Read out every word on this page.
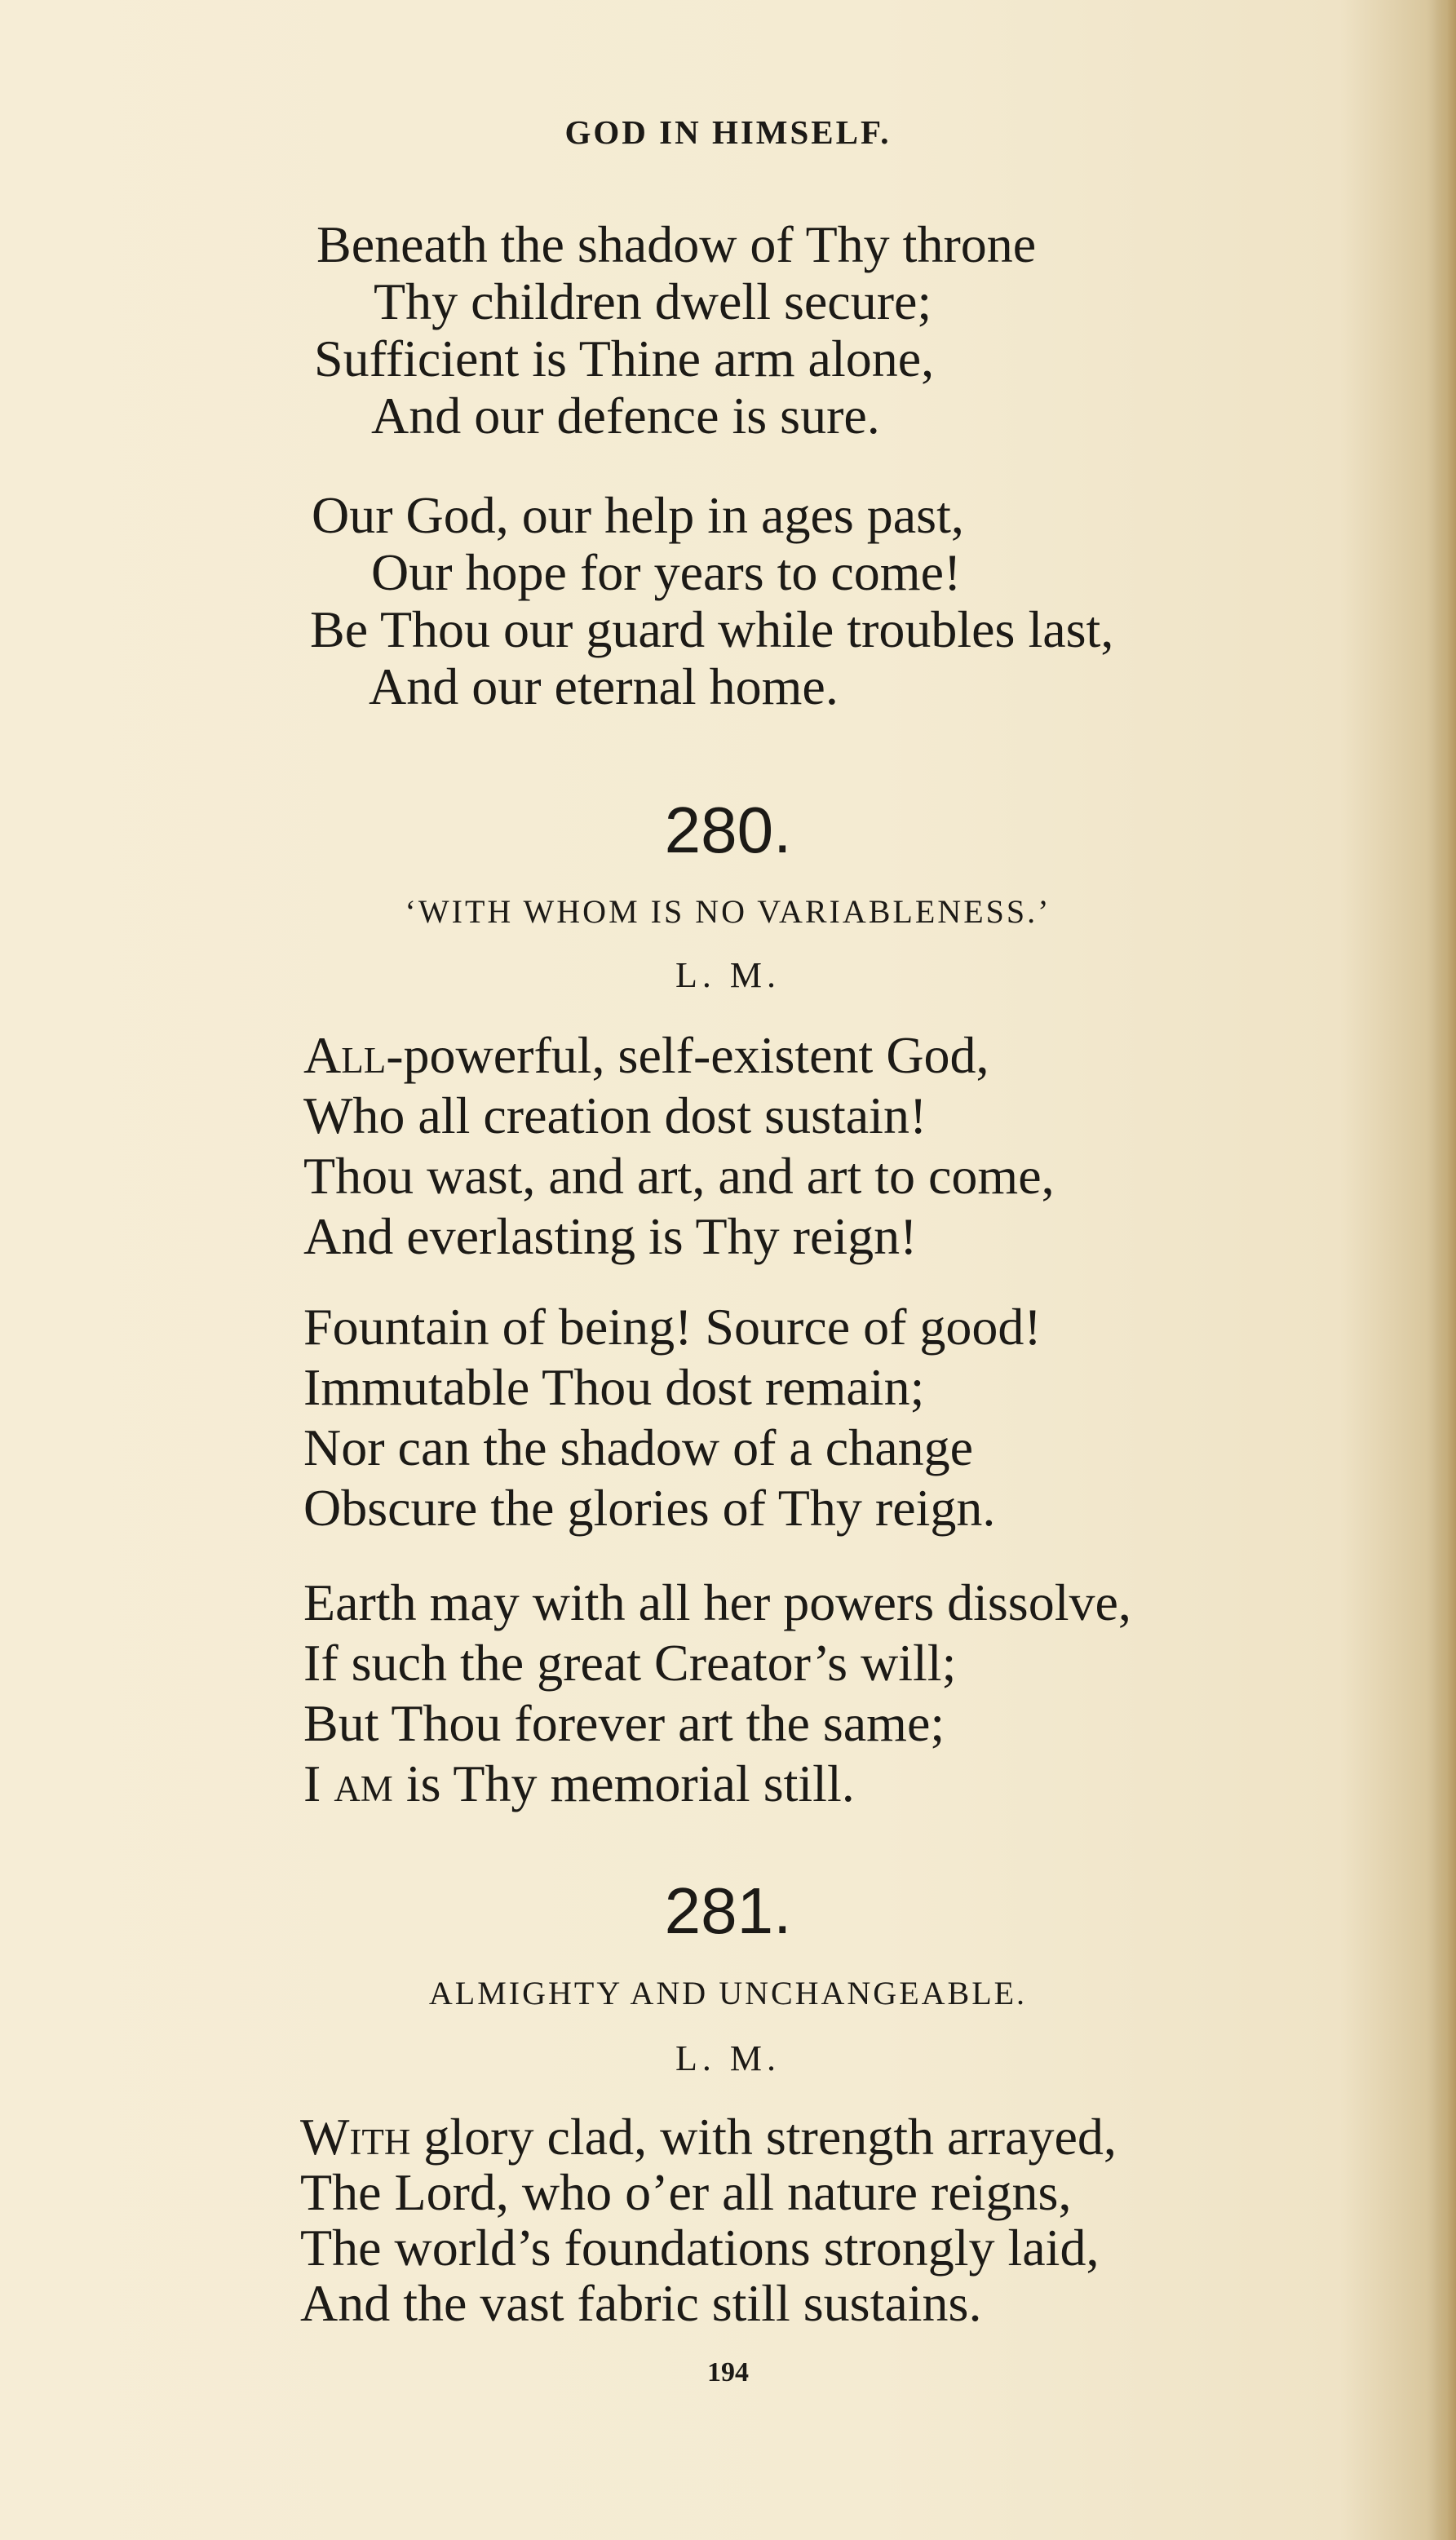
GOD IN HIMSELF.
Beneath the shadow of Thy throne
Thy children dwell secure;
Sufficient is Thine arm alone,
And our defence is sure.
Our God, our help in ages past,
Our hope for years to come!
Be Thou our guard while troubles last,
And our eternal home.
280.
‘WITH WHOM IS NO VARIABLENESS.’
L. M.
All-powerful, self-existent God,
Who all creation dost sustain!
Thou wast, and art, and art to come,
And everlasting is Thy reign!
Fountain of being! Source of good!
Immutable Thou dost remain;
Nor can the shadow of a change
Obscure the glories of Thy reign.
Earth may with all her powers dissolve,
If such the great Creator’s will;
But Thou forever art the same;
I am is Thy memorial still.
281.
ALMIGHTY AND UNCHANGEABLE.
L. M.
With glory clad, with strength arrayed,
The Lord, who o’er all nature reigns,
The world’s foundations strongly laid,
And the vast fabric still sustains.
194
